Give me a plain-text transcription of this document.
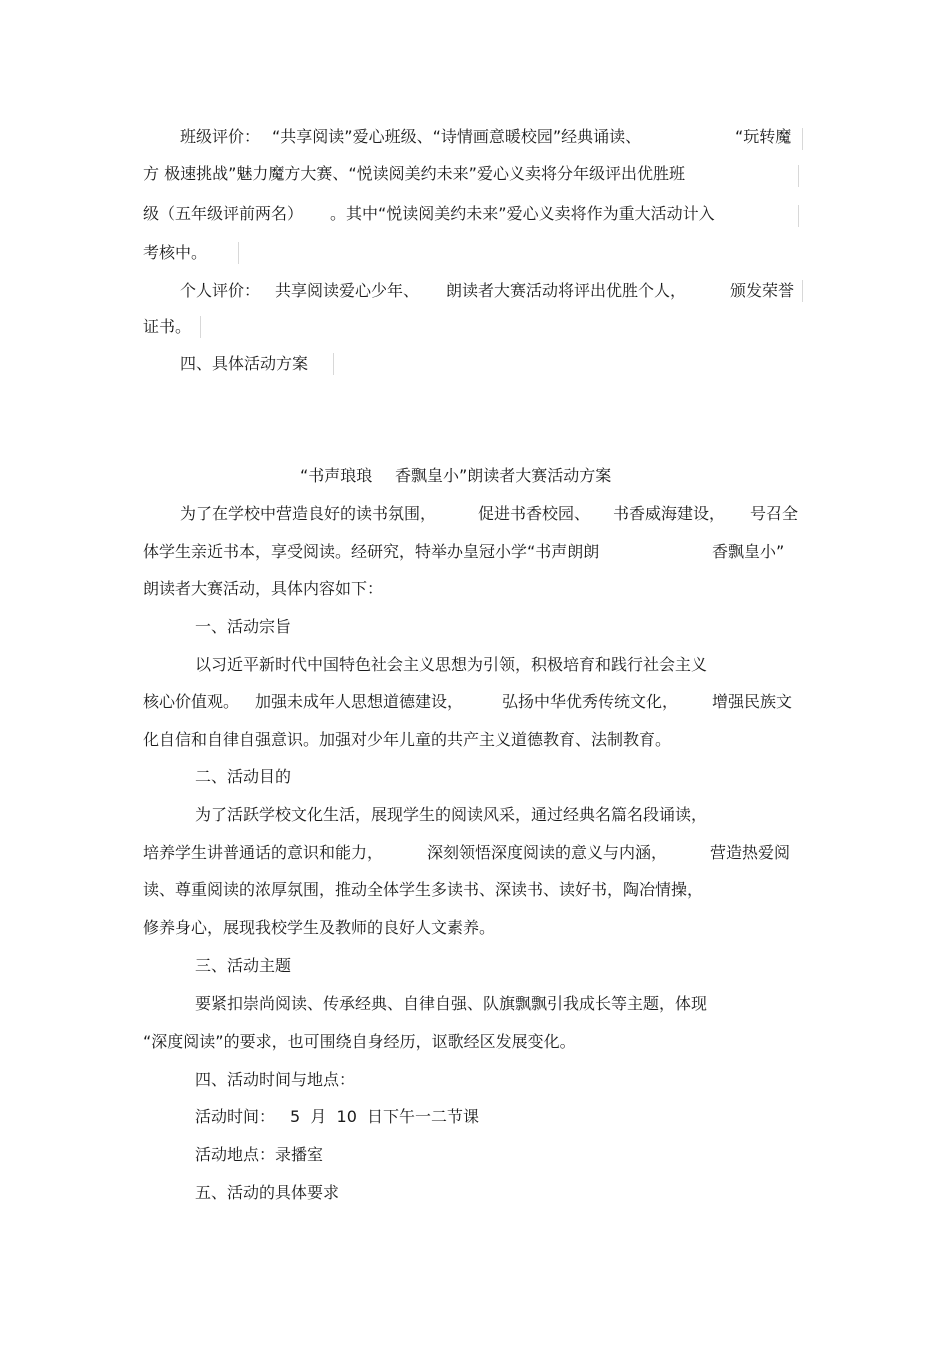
班级评价： “共享阅读”爱心班级、“诗情画意暖校园”经典诵读、	“玩转魔
方 极速挑战”魅力魔方大赛、“悦读阅美约未来”爱心义卖将分年级评出优胜班
级（五年级评前两名） 。其中“悦读阅美约未来”爱心义卖将作为重大活动计入
考核中。
个人评价： 共享阅读爱心少年、 朗读者大赛活动将评出优胜个人，	颁发荣誉
证书。
四、具体活动方案
“书声琅琅 香飘皇小”朗读者大赛活动方案
为了在学校中营造良好的读书氛围，	促进书香校园、 书香威海建设， 号召全
体学生亲近书本，享受阅读。经研究，特举办皇冠小学“书声朗朗	香飘皇小”
朗读者大赛活动，具体内容如下：
一、活动宗旨
以习近平新时代中国特色社会主义思想为引领，积极培育和践行社会主义
核心价值观。 加强未成年人思想道德建设， 弘扬中华优秀传统文化， 增强民族文
化自信和自律自强意识。加强对少年儿童的共产主义道德教育、法制教育。
二、活动目的
为了活跃学校文化生活，展现学生的阅读风采，通过经典名篇名段诵读，
培养学生讲普通话的意识和能力，	深刻领悟深度阅读的意义与内涵，	营造热爱阅
读、尊重阅读的浓厚氛围，推动全体学生多读书、深读书、读好书，陶冶情操，
修养身心，展现我校学生及教师的良好人文素养。
三、活动主题
要紧扣崇尚阅读、传承经典、自律自强、队旗飘飘引我成长等主题，体现
“深度阅读”的要求，也可围绕自身经历，讴歌经区发展变化。
四、活动时间与地点：
活动时间： 5  月  10  日下午一二节课
活动地点：录播室
五、活动的具体要求
